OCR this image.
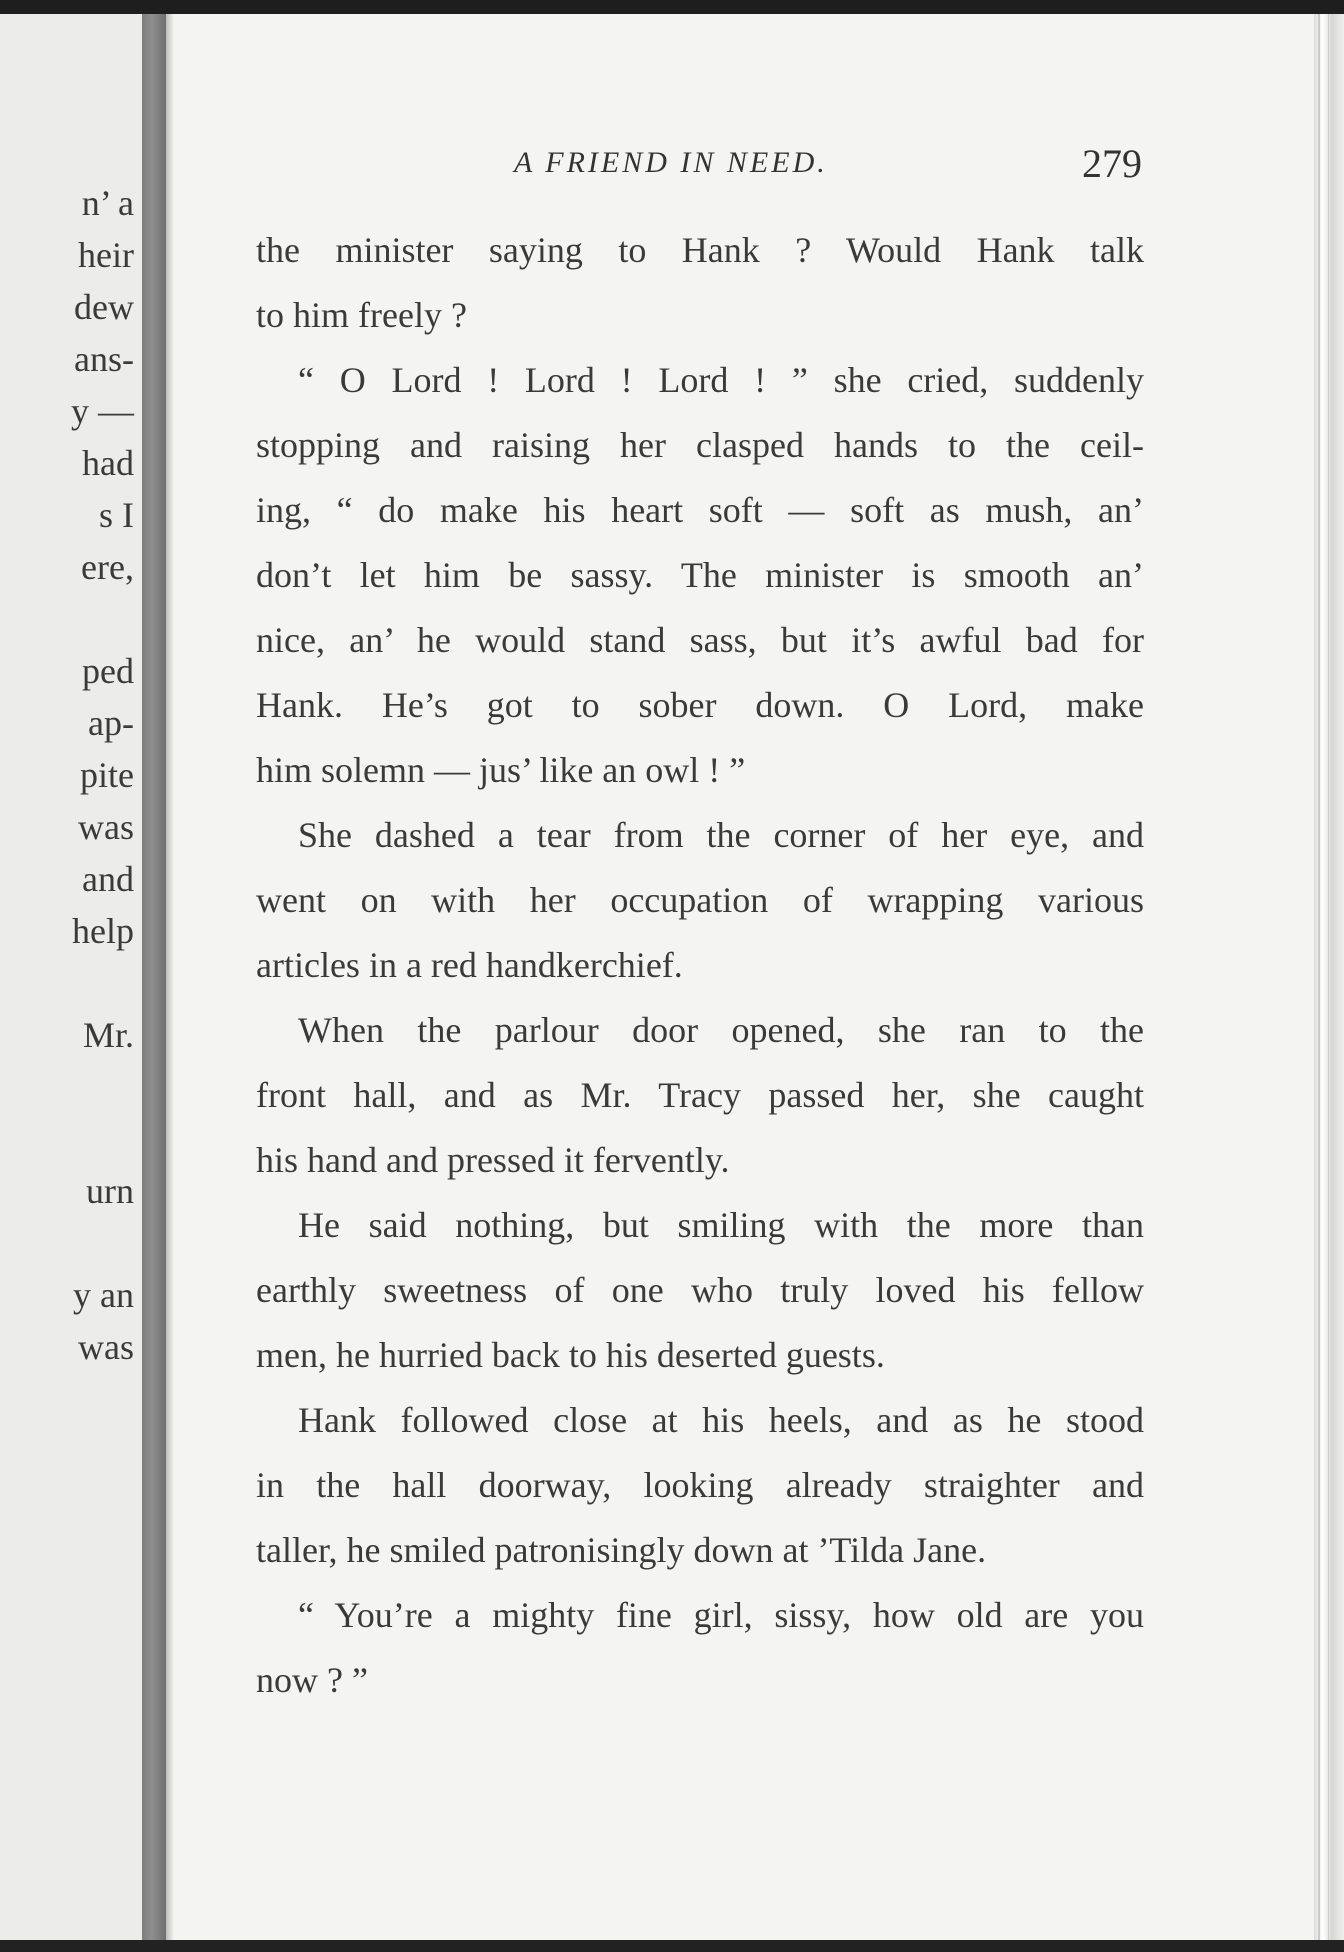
n’ a
heir
dew
ans-
y —
had
s I
ere,
ped
ap-
pite
was
and
help
Mr.
urn
y an
was
A FRIEND IN NEED.	279
the minister saying to Hank ? Would Hank talk
to him freely ?
“ O Lord ! Lord ! Lord ! ” she cried, suddenly
stopping and raising her clasped hands to the ceil-
ing, “ do make his heart soft — soft as mush, an’
don’t let him be sassy. The minister is smooth an’
nice, an’ he would stand sass, but it’s awful bad for
Hank. He’s got to sober down. O Lord, make
him solemn — jus’ like an owl ! ”
She dashed a tear from the corner of her eye, and
went on with her occupation of wrapping various
articles in a red handkerchief.
When the parlour door opened, she ran to the
front hall, and as Mr. Tracy passed her, she caught
his hand and pressed it fervently.
He said nothing, but smiling with the more than
earthly sweetness of one who truly loved his fellow
men, he hurried back to his deserted guests.
Hank followed close at his heels, and as he stood
in the hall doorway, looking already straighter and
taller, he smiled patronisingly down at ’Tilda Jane.
“ You’re a mighty fine girl, sissy, how old are you
now ? ”
